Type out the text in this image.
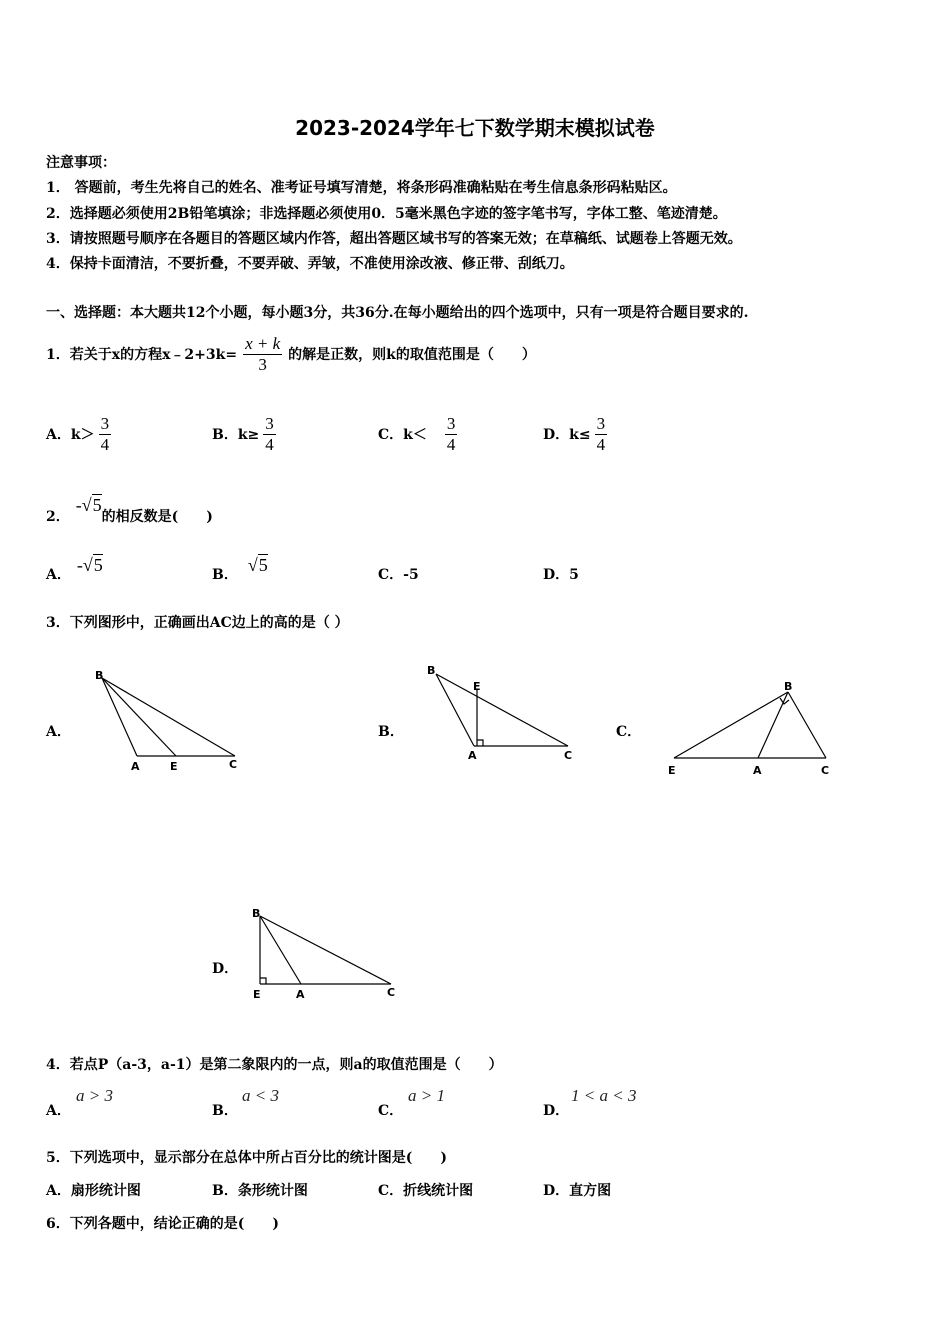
2023-2024学年七下数学期末模拟试卷
注意事项：
1． 答题前，考生先将自己的姓名、准考证号填写清楚，将条形码准确粘贴在考生信息条形码粘贴区。
2．选择题必须使用2B铅笔填涂；非选择题必须使用0．5毫米黑色字迹的签字笔书写，字体工整、笔迹清楚。
3．请按照题号顺序在各题目的答题区域内作答，超出答题区域书写的答案无效；在草稿纸、试题卷上答题无效。
4．保持卡面清洁，不要折叠，不要弄破、弄皱，不准使用涂改液、修正带、刮纸刀。
一、选择题：本大题共12个小题，每小题3分，共36分.在每小题给出的四个选项中，只有一项是符合题目要求的.
1．若关于x的方程x﹣2+3k= $\frac{x + k}{3}$ 的解是正数，则k的取值范围是（　　）
A．$k> \frac{3}{4}$	B．$k\ge \frac{3}{4}$	C．$k< \frac{3}{4}$	D．$k\le \frac{3}{4}$
2．
-√5
的相反数是(　　)
A． -√5	B． √5	C．-5	D．5
3．下列图形中，正确画出AC边上的高的是（ ）
A．
B
A	E	C
B．
B
E
A	C
C．
B
E	A	C
D．
B
E	A	C
4．若点P（a-3，a-1）是第二象限内的一点，则a的取值范围是（　　）
A．
a > 3
B．
a < 3
C．
a > 1
D．
1 < a < 3
5．下列选项中，显示部分在总体中所占百分比的统计图是(　　)
A．扇形统计图	B．条形统计图	C．折线统计图	D．直方图
6．下列各题中，结论正确的是(　　)
